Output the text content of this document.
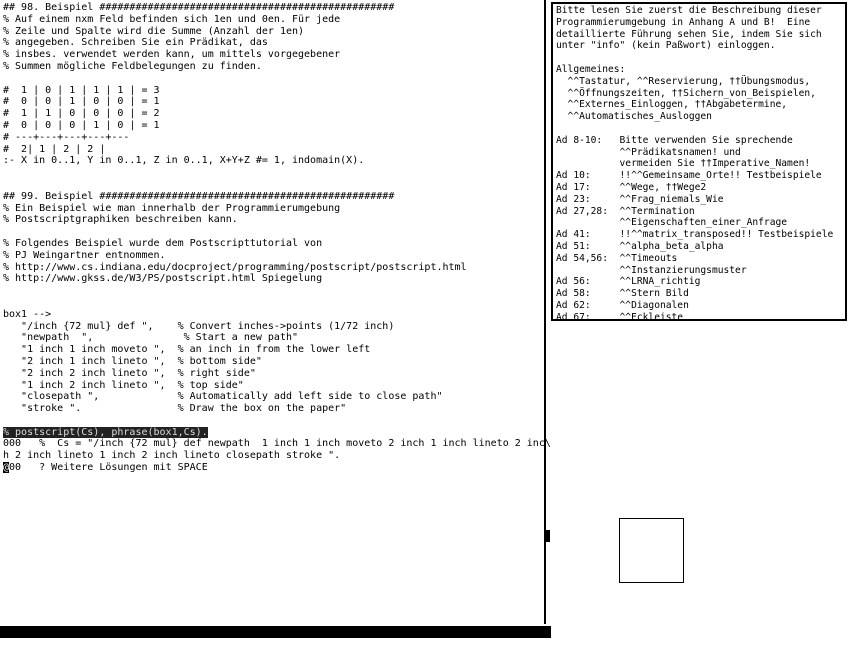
## 98. Beispiel #################################################
% Auf einem nxm Feld befinden sich 1en und 0en. Für jede
% Zeile und Spalte wird die Summe (Anzahl der 1en)
% angegeben. Schreiben Sie ein Prädikat, das
% insbes. verwendet werden kann, um mittels vorgegebener
% Summen mögliche Feldbelegungen zu finden.
#  1 | 0 | 1 | 1 | 1 | = 3
#  0 | 0 | 1 | 0 | 0 | = 1
#  1 | 1 | 0 | 0 | 0 | = 2
#  0 | 0 | 0 | 1 | 0 | = 1
# ---+---+---+---+---
#  2| 1 | 2 | 2 |
:- X in 0..1, Y in 0..1, Z in 0..1, X+Y+Z #= 1, indomain(X).
## 99. Beispiel #################################################
% Ein Beispiel wie man innerhalb der Programmierumgebung
% Postscriptgraphiken beschreiben kann.
% Folgendes Beispiel wurde dem Postscripttutorial von
% PJ Weingartner entnommen.
% http://www.cs.indiana.edu/docproject/programming/postscript/postscript.html
% http://www.gkss.de/W3/PS/postscript.html Spiegelung
box1 -->
"/inch {72 mul} def ",    % Convert inches->points (1/72 inch)
"newpath  ",               % Start a new path"
"1 inch 1 inch moveto ",  % an inch in from the lower left
"2 inch 1 inch lineto ",  % bottom side"
"2 inch 2 inch lineto ",  % right side"
"1 inch 2 inch lineto ",  % top side"
"closepath ",             % Automatically add left side to close path"
"stroke ".                % Draw the box on the paper"
% postscript(Cs), phrase(box1,Cs).
000   %  Cs = "/inch {72 mul} def newpath  1 inch 1 inch moveto 2 inch 1 inch lineto 2 inc\
h 2 inch lineto 1 inch 2 inch lineto closepath stroke ".
@00   ? Weitere Lösungen mit SPACE

Bitte lesen Sie zuerst die Beschreibung dieser
Programmierumgebung in Anhang A und B!  Eine
detaillierte Führung sehen Sie, indem Sie sich
unter "info" (kein Paßwort) einloggen.
Allgemeines:
^^Tastatur, ^^Reservierung, ††Übungsmodus,
^^Öffnungszeiten, ††Sichern_von_Beispielen,
^^Externes_Einloggen, ††Abgabetermine,
^^Automatisches_Ausloggen
Ad 8-10:   Bitte verwenden Sie sprechende
^^Prädikatsnamen! und
vermeiden Sie ††Imperative_Namen!
Ad 10:     !!^^Gemeinsame_Orte!! Testbeispiele
Ad 17:     ^^Wege, ††Wege2
Ad 23:     ^^Frag_niemals_Wie
Ad 27,28:  ^^Termination
^^Eigenschaften_einer_Anfrage
Ad 41:     !!^^matrix_transposed!! Testbeispiele
Ad 51:     ^^alpha_beta_alpha
Ad 54,56:  ^^Timeouts
^^Instanzierungsmuster
Ad 56:     ^^LRNA_richtig
Ad 58:     ^^Stern Bild
Ad 62:     ^^Diagonalen
Ad 67:     ^^Eckleiste
